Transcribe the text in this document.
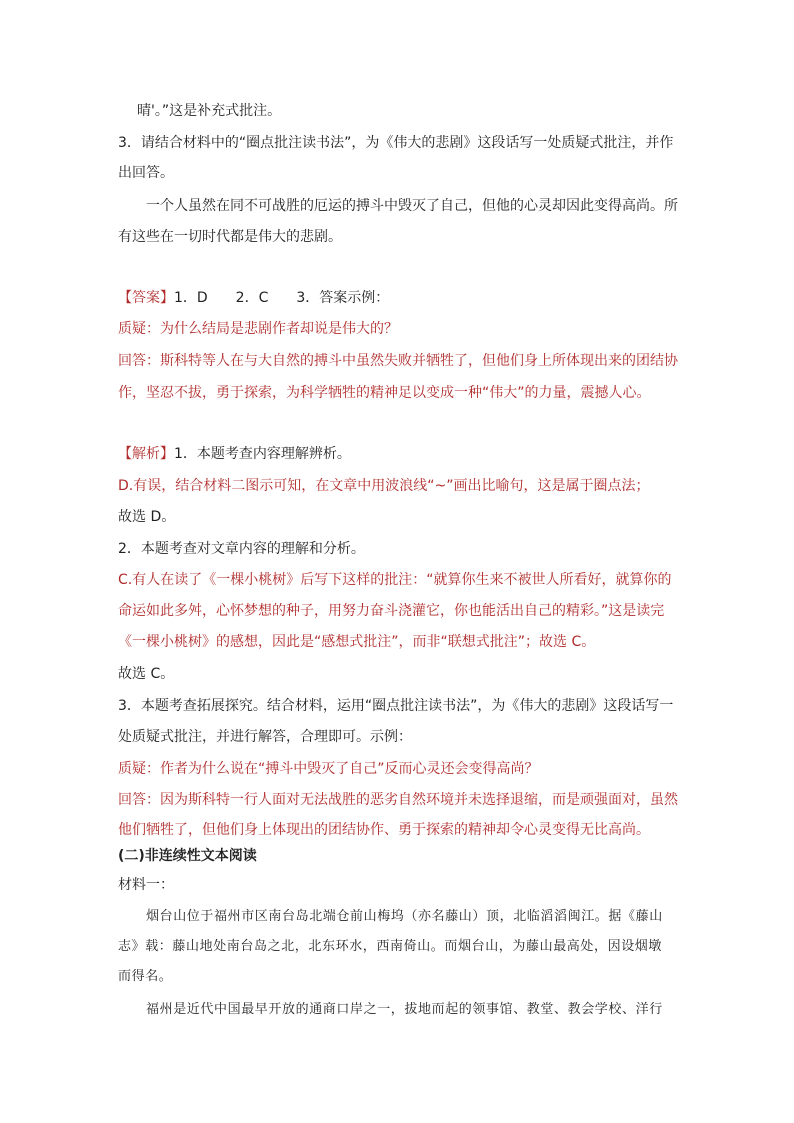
晴'。”这是补充式批注。
3．请结合材料中的“圈点批注读书法”，为《伟大的悲剧》这段话写一处质疑式批注，并作
出回答。
一个人虽然在同不可战胜的厄运的搏斗中毁灭了自己，但他的心灵却因此变得高尚。所
有这些在一切时代都是伟大的悲剧。
【答案】1．D　　2．C　　3．答案示例：
质疑：为什么结局是悲剧作者却说是伟大的？
回答：斯科特等人在与大自然的搏斗中虽然失败并牺牲了，但他们身上所体现出来的团结协
作，坚忍不拔，勇于探索，为科学牺牲的精神足以变成一种“伟大”的力量，震撼人心。
【解析】1．本题考查内容理解辨析。
D.有误，结合材料二图示可知，在文章中用波浪线“~”画出比喻句，这是属于圈点法；
故选 D。
2．本题考查对文章内容的理解和分析。
C.有人在读了《一棵小桃树》后写下这样的批注：“就算你生来不被世人所看好，就算你的
命运如此多舛，心怀梦想的种子，用努力奋斗浇灌它，你也能活出自己的精彩。”这是读完
《一棵小桃树》的感想，因此是“感想式批注”，而非“联想式批注”；故选 C。
故选 C。
3．本题考查拓展探究。结合材料，运用“圈点批注读书法”，为《伟大的悲剧》这段话写一
处质疑式批注，并进行解答，合理即可。示例：
质疑：作者为什么说在“搏斗中毁灭了自己”反而心灵还会变得高尚？
回答：因为斯科特一行人面对无法战胜的恶劣自然环境并未选择退缩，而是顽强面对，虽然
他们牺牲了，但他们身上体现出的团结协作、勇于探索的精神却令心灵变得无比高尚。
(二)非连续性文本阅读
材料一：
烟台山位于福州市区南台岛北端仓前山梅坞（亦名藤山）顶，北临滔滔闽江。据《藤山
志》载：藤山地处南台岛之北，北东环水，西南倚山。而烟台山，为藤山最高处，因设烟墩
而得名。
福州是近代中国最早开放的通商口岸之一，拔地而起的领事馆、教堂、教会学校、洋行
